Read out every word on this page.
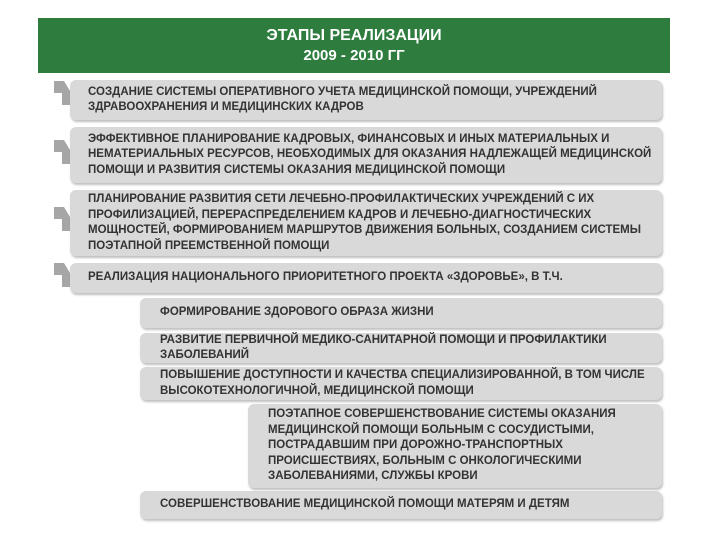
ЭТАПЫ РЕАЛИЗАЦИИ
2009 - 2010 ГГ
СОЗДАНИЕ СИСТЕМЫ ОПЕРАТИВНОГО УЧЕТА МЕДИЦИНСКОЙ ПОМОЩИ, УЧРЕЖДЕНИЙ ЗДРАВООХРАНЕНИЯ И МЕДИЦИНСКИХ КАДРОВ
ЭФФЕКТИВНОЕ ПЛАНИРОВАНИЕ КАДРОВЫХ, ФИНАНСОВЫХ И ИНЫХ МАТЕРИАЛЬНЫХ И НЕМАТЕРИАЛЬНЫХ РЕСУРСОВ, НЕОБХОДИМЫХ ДЛЯ ОКАЗАНИЯ НАДЛЕЖАЩЕЙ МЕДИЦИНСКОЙ ПОМОЩИ И РАЗВИТИЯ СИСТЕМЫ ОКАЗАНИЯ МЕДИЦИНСКОЙ ПОМОЩИ
ПЛАНИРОВАНИЕ РАЗВИТИЯ СЕТИ ЛЕЧЕБНО-ПРОФИЛАКТИЧЕСКИХ УЧРЕЖДЕНИЙ С ИХ ПРОФИЛИЗАЦИЕЙ, ПЕРЕРАСПРЕДЕЛЕНИЕМ КАДРОВ И ЛЕЧЕБНО-ДИАГНОСТИЧЕСКИХ МОЩНОСТЕЙ, ФОРМИРОВАНИЕМ МАРШРУТОВ ДВИЖЕНИЯ БОЛЬНЫХ, СОЗДАНИЕМ СИСТЕМЫ ПОЭТАПНОЙ ПРЕЕМСТВЕННОЙ ПОМОЩИ
РЕАЛИЗАЦИЯ НАЦИОНАЛЬНОГО ПРИОРИТЕТНОГО ПРОЕКТА «ЗДОРОВЬЕ», В Т.Ч.
ФОРМИРОВАНИЕ ЗДОРОВОГО ОБРАЗА ЖИЗНИ
РАЗВИТИЕ ПЕРВИЧНОЙ МЕДИКО-САНИТАРНОЙ ПОМОЩИ И ПРОФИЛАКТИКИ ЗАБОЛЕВАНИЙ
ПОВЫШЕНИЕ ДОСТУПНОСТИ И КАЧЕСТВА СПЕЦИАЛИЗИРОВАННОЙ, В ТОМ ЧИСЛЕ ВЫСОКОТЕХНОЛОГИЧНОЙ, МЕДИЦИНСКОЙ ПОМОЩИ
ПОЭТАПНОЕ СОВЕРШЕНСТВОВАНИЕ СИСТЕМЫ ОКАЗАНИЯ МЕДИЦИНСКОЙ ПОМОЩИ БОЛЬНЫМ С СОСУДИСТЫМИ, ПОСТРАДАВШИМ ПРИ ДОРОЖНО-ТРАНСПОРТНЫХ ПРОИСШЕСТВИЯХ, БОЛЬНЫМ С ОНКОЛОГИЧЕСКИМИ ЗАБОЛЕВАНИЯМИ, СЛУЖБЫ КРОВИ
СОВЕРШЕНСТВОВАНИЕ МЕДИЦИНСКОЙ ПОМОЩИ МАТЕРЯМ И ДЕТЯМ
